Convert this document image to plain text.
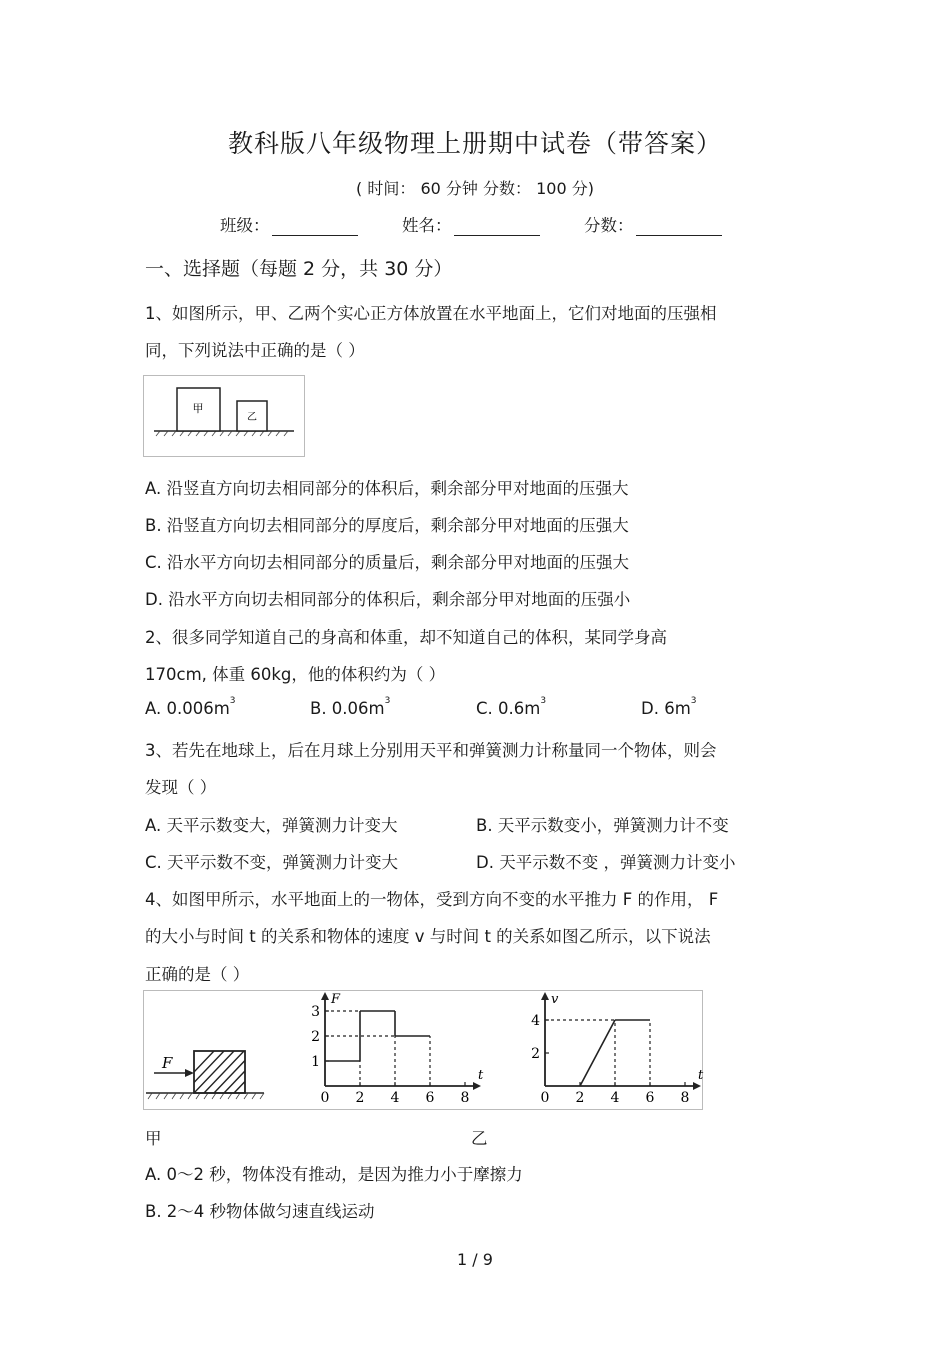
教科版八年级物理上册期中试卷（带答案）
( 时间： 60 分钟 分数： 100 分)
班级：	姓名：	分数：
一、选择题（每题 2 分，共 30 分）
1、如图所示，甲、乙两个实心正方体放置在水平地面上，它们对地面的压强相
同，下列说法中正确的是（ ）
甲
乙
A. 沿竖直方向切去相同部分的体积后，剩余部分甲对地面的压强大
B. 沿竖直方向切去相同部分的厚度后，剩余部分甲对地面的压强大
C. 沿水平方向切去相同部分的质量后，剩余部分甲对地面的压强大
D. 沿水平方向切去相同部分的体积后，剩余部分甲对地面的压强小
2、很多同学知道自己的身高和体重，却不知道自己的体积，某同学身高
170cm, 体重 60kg，他的体积约为（ ）
A. $0.006m^3$	B. $0.06m^3$	C. $0.6m^3$	D. $6m^3$
3、若先在地球上，后在月球上分别用天平和弹簧测力计称量同一个物体，则会
发现（ ）
A. 天平示数变大，弹簧测力计变大	B. 天平示数变小，弹簧测力计不变
C. 天平示数不变，弹簧测力计变大	D. 天平示数不变 ，弹簧测力计变小
4、如图甲所示，水平地面上的一物体，受到方向不变的水平推力 F 的作用， F
的大小与时间 t 的关系和物体的速度 v 与时间 t 的关系如图乙所示，以下说法
正确的是（ ）
F
t
F
0 2 4 6 8
1
2
3
t
v
0 2 4 6 8
2
4
甲	乙
A. 0～2 秒，物体没有推动，是因为推力小于摩擦力
B. 2～4 秒物体做匀速直线运动
1 / 9
